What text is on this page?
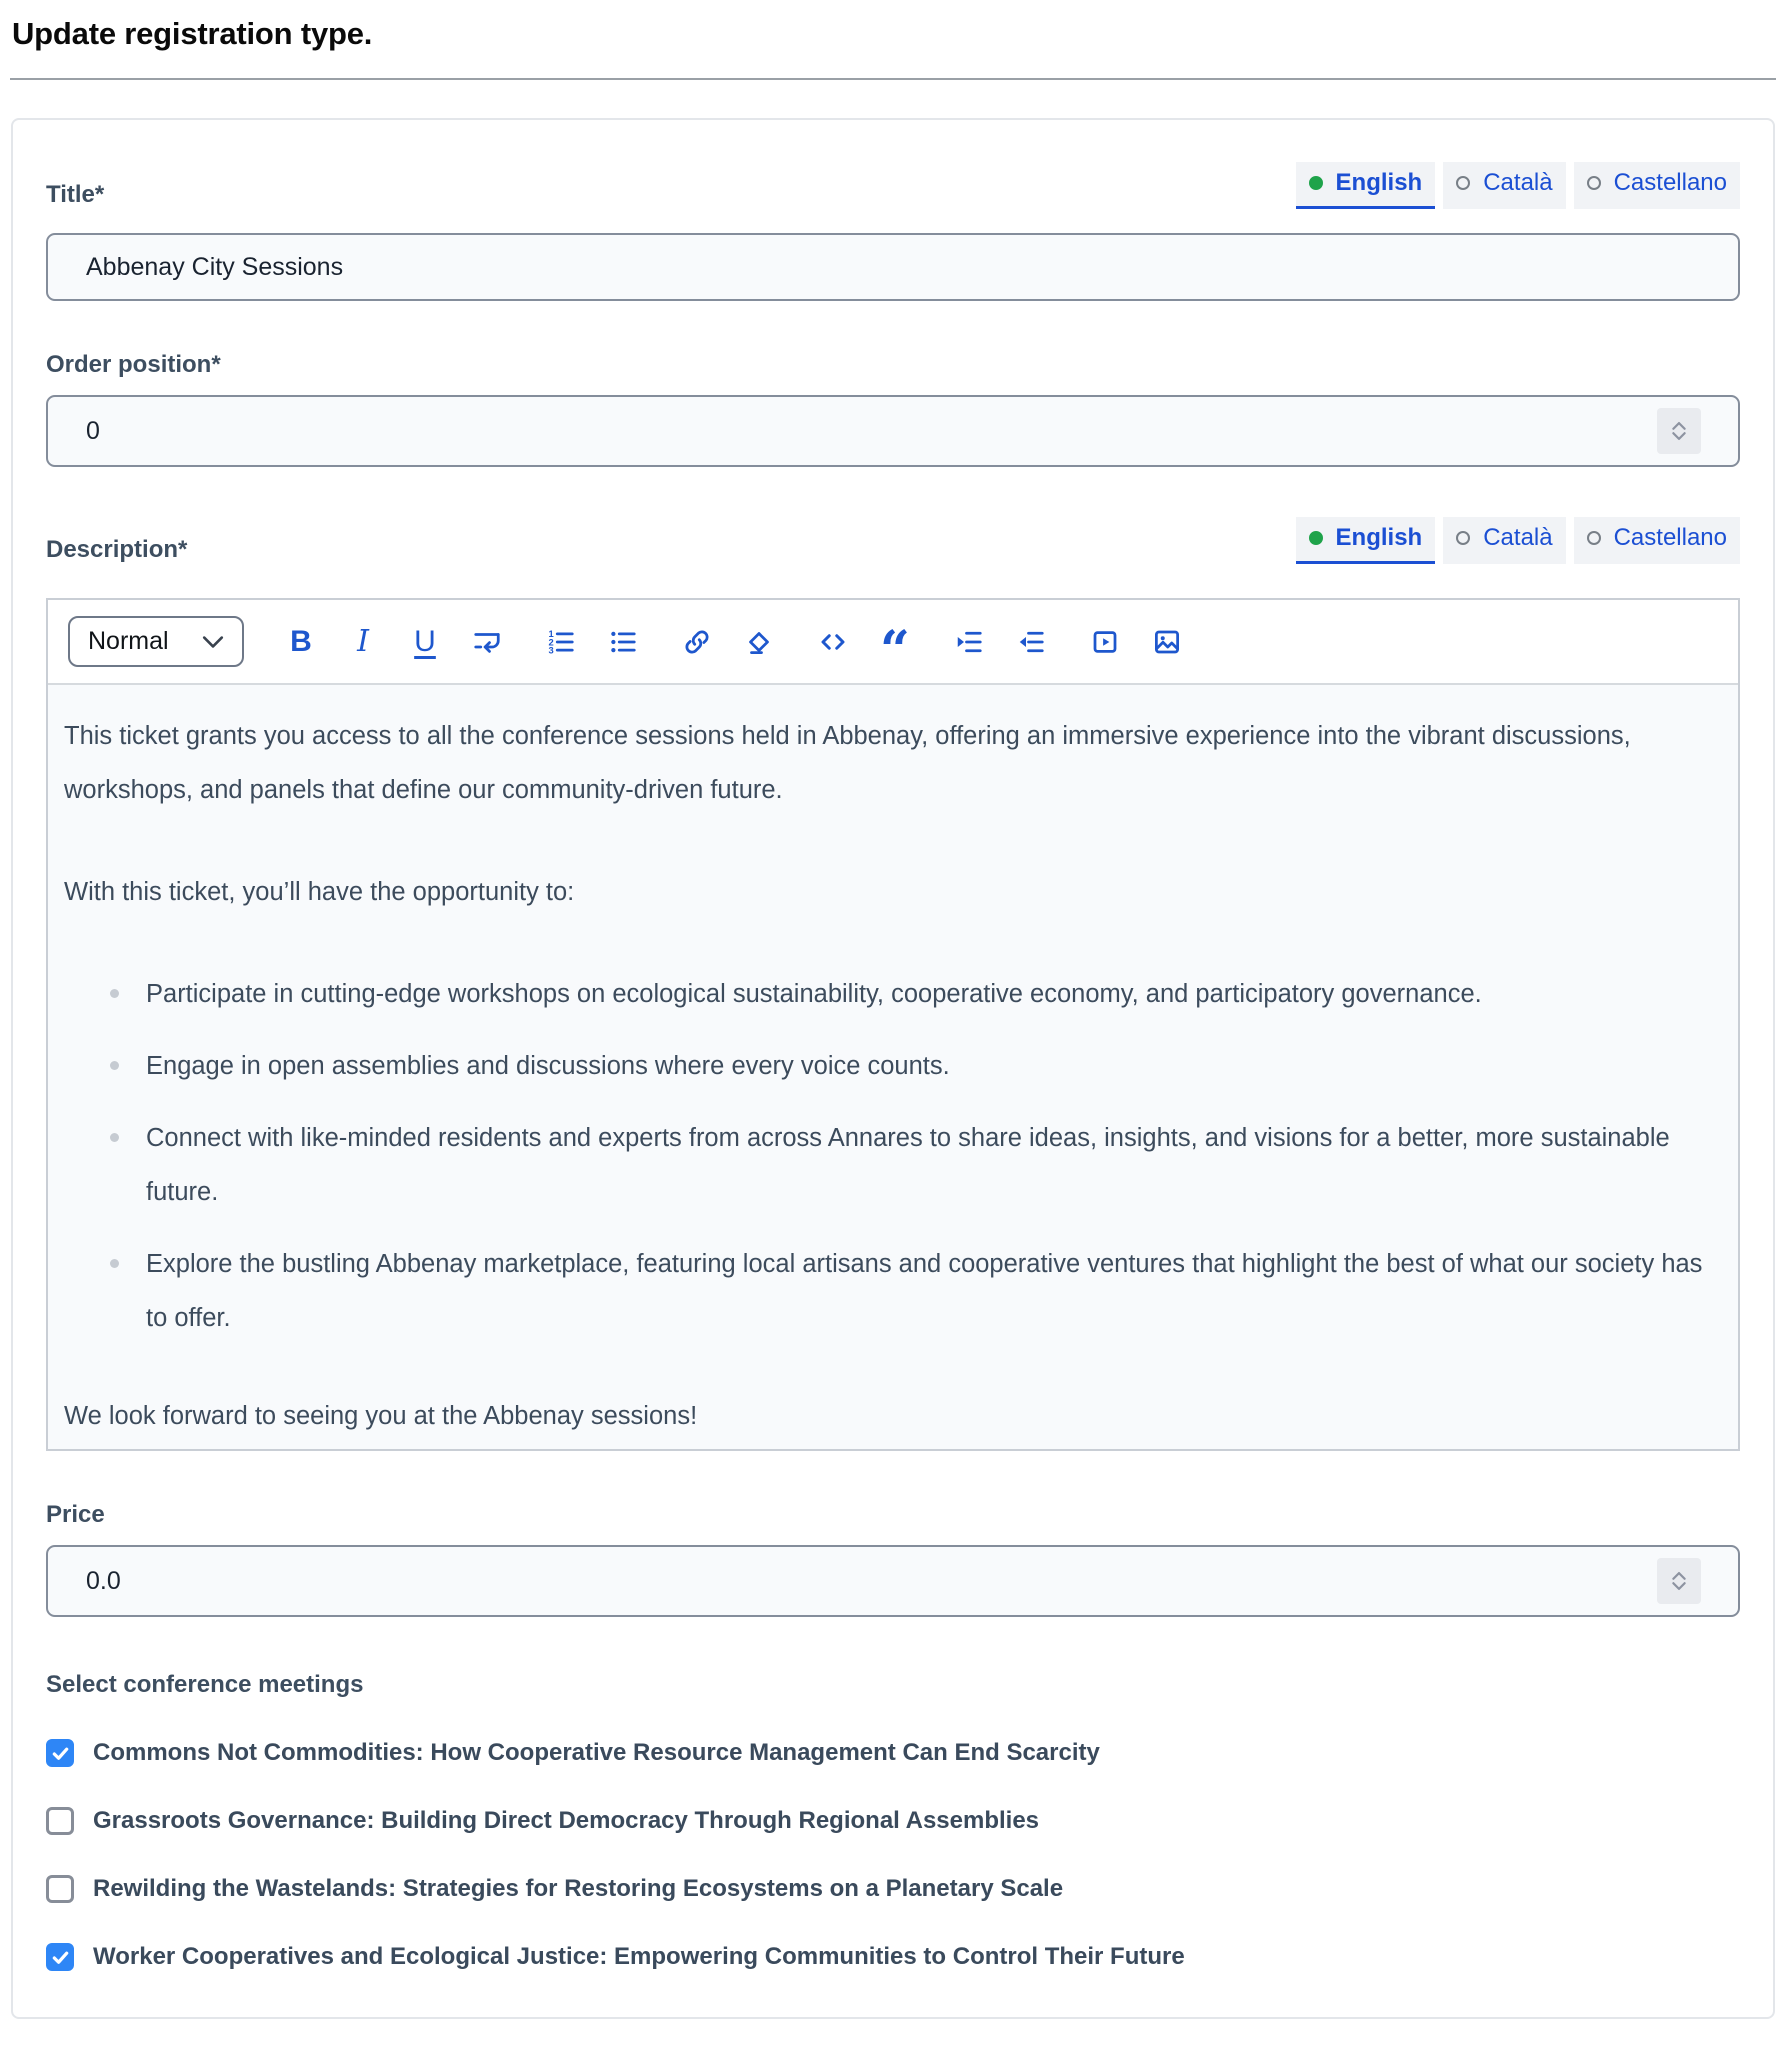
Update registration type.
Title*	English	Català	Castellano
Abbenay City Sessions
Order position*
0
Description*	English	Català	Castellano
Normal	B I U	1
2
3	“

This ticket grants you access to all the conference sessions held in Abbenay, offering an immersive experience into the vibrant discussions, workshops, and panels that define our community-driven future.

With this ticket, you’ll have the opportunity to:

Participate in cutting-edge workshops on ecological sustainability, cooperative economy, and participatory governance.
Engage in open assemblies and discussions where every voice counts.
Connect with like-minded residents and experts from across Annares to share ideas, insights, and visions for a better, more sustainable future.
Explore the bustling Abbenay marketplace, featuring local artisans and cooperative ventures that highlight the best of what our society has to offer.

We look forward to seeing you at the Abbenay sessions!

Price
0.0
Select conference meetings
Commons Not Commodities: How Cooperative Resource Management Can End Scarcity
Grassroots Governance: Building Direct Democracy Through Regional Assemblies
Rewilding the Wastelands: Strategies for Restoring Ecosystems on a Planetary Scale
Worker Cooperatives and Ecological Justice: Empowering Communities to Control Their Future
